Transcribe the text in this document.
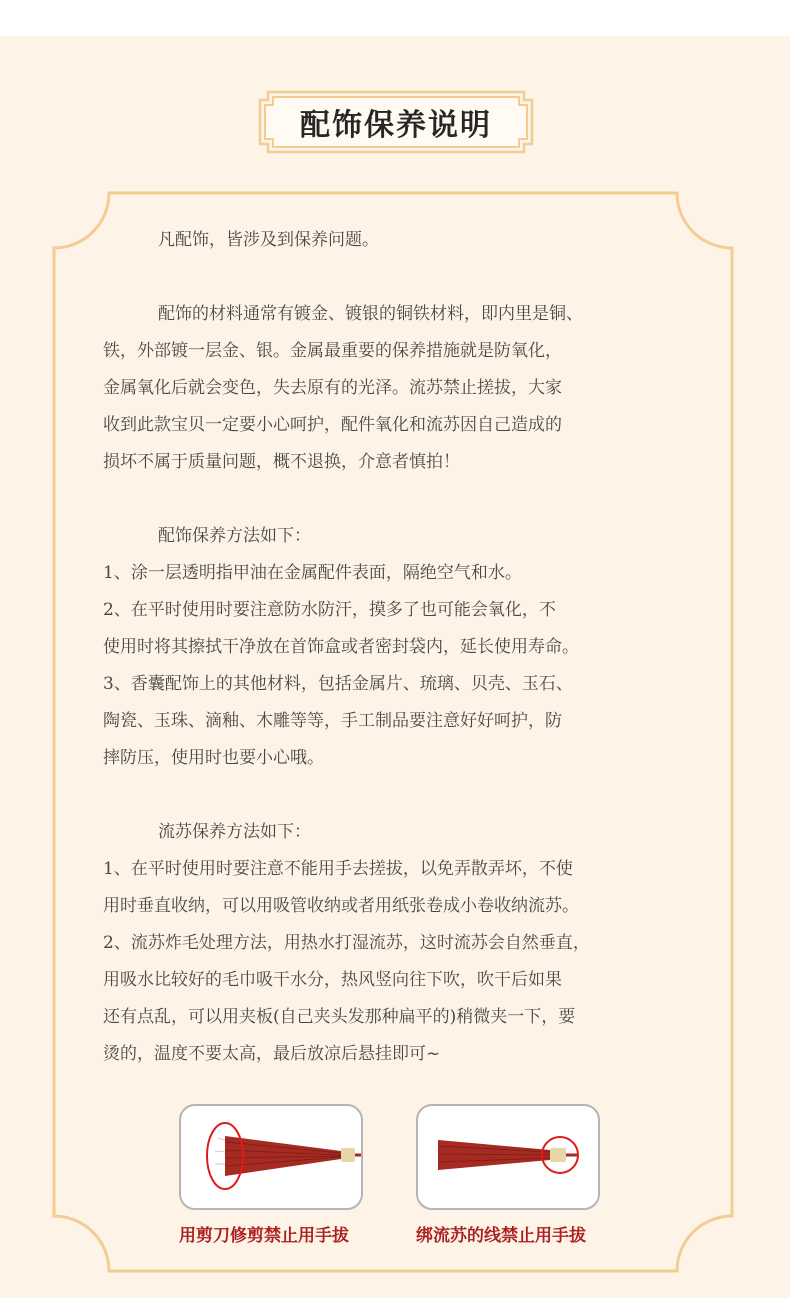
配饰保养说明

凡配饰，皆涉及到保养问题。

配饰的材料通常有镀金、镀银的铜铁材料，即内里是铜、

铁，外部镀一层金、银。金属最重要的保养措施就是防氧化，

金属氧化后就会变色，失去原有的光泽。流苏禁止搓拔，大家

收到此款宝贝一定要小心呵护，配件氧化和流苏因自己造成的

损坏不属于质量问题，概不退换，介意者慎拍！

配饰保养方法如下：

1、涂一层透明指甲油在金属配件表面，隔绝空气和水。

2、在平时使用时要注意防水防汗，摸多了也可能会氧化，不

使用时将其擦拭干净放在首饰盒或者密封袋内，延长使用寿命。

3、香囊配饰上的其他材料，包括金属片、琉璃、贝壳、玉石、

陶瓷、玉珠、滴釉、木雕等等，手工制品要注意好好呵护，防

摔防压，使用时也要小心哦。

流苏保养方法如下：

1、在平时使用时要注意不能用手去搓拔，以免弄散弄坏，不使

用时垂直收纳，可以用吸管收纳或者用纸张卷成小卷收纳流苏。

2、流苏炸毛处理方法，用热水打湿流苏，这时流苏会自然垂直，

用吸水比较好的毛巾吸干水分，热风竖向往下吹，吹干后如果

还有点乱，可以用夹板(自己夹头发那种扁平的)稍微夹一下，要

烫的，温度不要太高，最后放凉后悬挂即可~

用剪刀修剪禁止用手拔	绑流苏的线禁止用手拔
